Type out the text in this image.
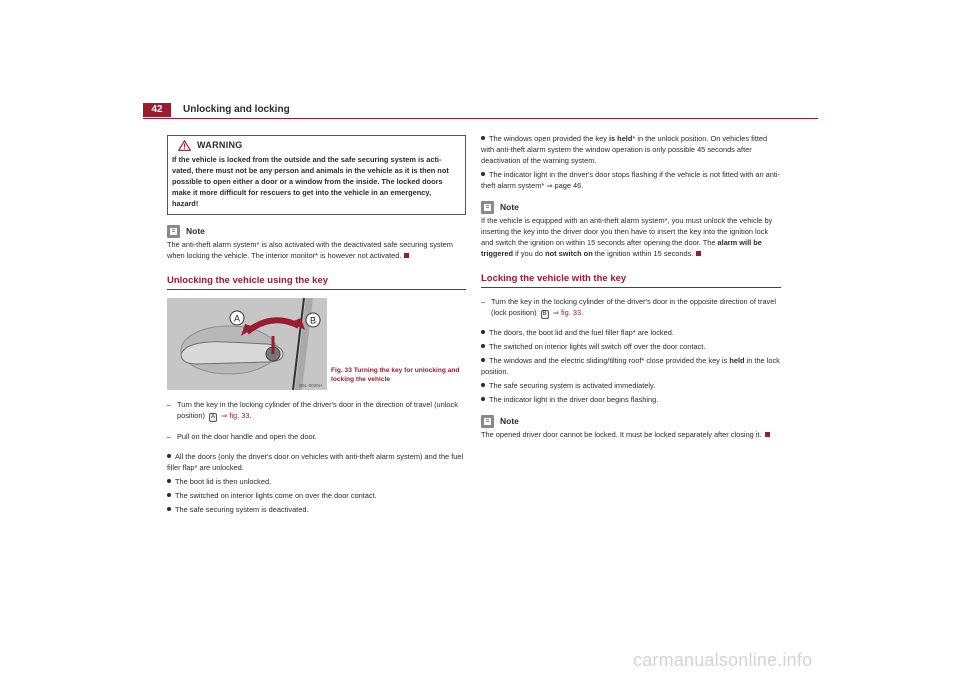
42	Unlocking and locking
WARNING
If the vehicle is locked from the outside and the safe securing system is acti-vated, there must not be any person and animals in the vehicle as it is then not possible to open either a door or a window from the inside. The locked doors make it more difficult for rescuers to get into the vehicle in an emergency, hazard!
Note
The anti-theft alarm system* is also activated with the deactivated safe securing system when locking the vehicle. The interior monitor* is however not activated.
Unlocking the vehicle using the key
A	B
B5L-0026H
Fig. 33 Turning the key for unlocking and locking the vehicle
– Turn the key in the locking cylinder of the driver's door in the direction of travel (unlock position) A ⇒ fig. 33.
– Pull on the door handle and open the door.
All the doors (only the driver's door on vehicles with anti-theft alarm system) and the fuel filler flap* are unlocked.
The boot lid is then unlocked.
The switched on interior lights come on over the door contact.
The safe securing system is deactivated.
The windows open provided the key is held* in the unlock position. On vehicles fitted with anti-theft alarm system the window operation is only possible 45 seconds after deactivation of the warning system.
The indicator light in the driver's door stops flashing if the vehicle is not fitted with an anti-theft alarm system* ⇒ page 46.
Note
If the vehicle is equipped with an anti-theft alarm system*, you must unlock the vehicle by inserting the key into the driver door you then have to insert the key into the ignition lock and switch the ignition on within 15 seconds after opening the door. The alarm will be triggered if you do not switch on the ignition within 15 seconds.
Locking the vehicle with the key
– Turn the key in the locking cylinder of the driver's door in the opposite direction of travel (lock position) B ⇒ fig. 33.
The doors, the boot lid and the fuel filler flap* are locked.
The switched on interior lights will switch off over the door contact.
The windows and the electric sliding/tilting roof* close provided the key is held in the lock position.
The safe securing system is activated immediately.
The indicator light in the driver door begins flashing.
Note
The opened driver door cannot be locked. It must be locked separately after closing it.
carmanualsonline.info
